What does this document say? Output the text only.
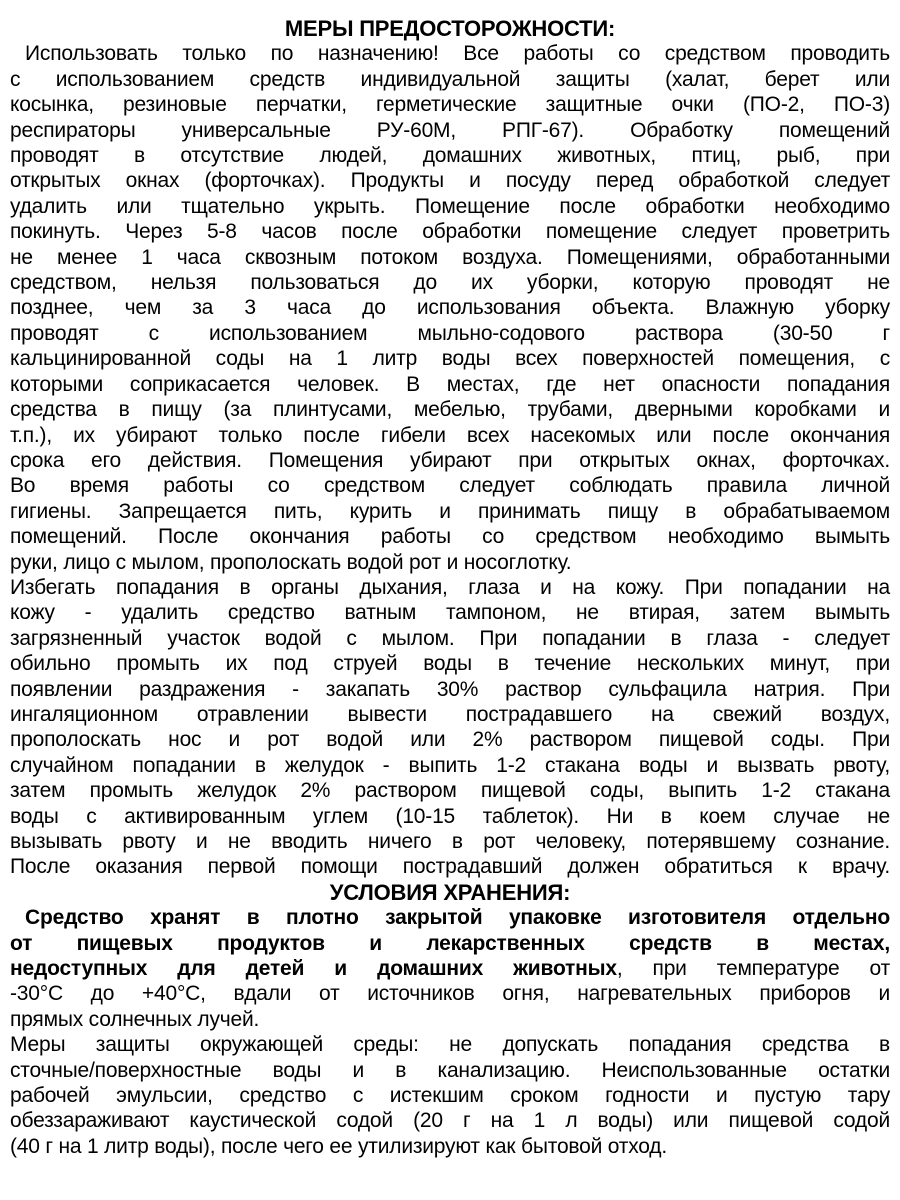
МЕРЫ ПРЕДОСТОРОЖНОСТИ:
Использовать только по назначению! Все работы со средством проводить
с использованием средств индивидуальной защиты (халат, берет или
косынка, резиновые перчатки, герметические защитные очки (ПО-2, ПО-3)
респираторы универсальные РУ-60М, РПГ-67). Обработку помещений
проводят в отсутствие людей, домашних животных, птиц, рыб, при
открытых окнах (форточках). Продукты и посуду перед обработкой следует
удалить или тщательно укрыть. Помещение после обработки необходимо
покинуть. Через 5-8 часов после обработки помещение следует проветрить
не менее 1 часа сквозным потоком воздуха. Помещениями, обработанными
средством, нельзя пользоваться до их уборки, которую проводят не
позднее, чем за 3 часа до использования объекта. Влажную уборку
проводят с использованием мыльно-содового раствора (30-50 г
кальцинированной соды на 1 литр воды всех поверхностей помещения, с
которыми соприкасается человек. В местах, где нет опасности попадания
средства в пищу (за плинтусами, мебелью, трубами, дверными коробками и
т.п.), их убирают только после гибели всех насекомых или после окончания
срока его действия. Помещения убирают при открытых окнах, форточках.
Во время работы со средством следует соблюдать правила личной
гигиены. Запрещается пить, курить и принимать пищу в обрабатываемом
помещений. После окончания работы со средством необходимо вымыть
руки, лицо с мылом, прополоскать водой рот и носоглотку.
Избегать попадания в органы дыхания, глаза и на кожу. При попадании на
кожу - удалить средство ватным тампоном, не втирая, затем вымыть
загрязненный участок водой с мылом. При попадании в глаза - следует
обильно промыть их под струей воды в течение нескольких минут, при
появлении раздражения - закапать 30% раствор сульфацила натрия. При
ингаляционном отравлении вывести пострадавшего на свежий воздух,
прополоскать нос и рот водой или 2% раствором пищевой соды. При
случайном попадании в желудок - выпить 1-2 стакана воды и вызвать рвоту,
затем промыть желудок 2% раствором пищевой соды, выпить 1-2 стакана
воды с активированным углем (10-15 таблеток). Ни в коем случае не
вызывать рвоту и не вводить ничего в рот человеку, потерявшему сознание.
После оказания первой помощи пострадавший должен обратиться к врачу.
УСЛОВИЯ ХРАНЕНИЯ:
Средство хранят в плотно закрытой упаковке изготовителя отдельно
от пищевых продуктов и лекарственных средств в местах,
недоступных для детей и домашних животных, при температуре от
-30°С до +40°С, вдали от источников огня, нагревательных приборов и
прямых солнечных лучей.
Меры защиты окружающей среды: не допускать попадания средства в
сточные/поверхностные воды и в канализацию. Неиспользованные остатки
рабочей эмульсии, средство с истекшим сроком годности и пустую тару
обеззараживают каустической содой (20 г на 1 л воды) или пищевой содой
(40 г на 1 литр воды), после чего ее утилизируют как бытовой отход.
